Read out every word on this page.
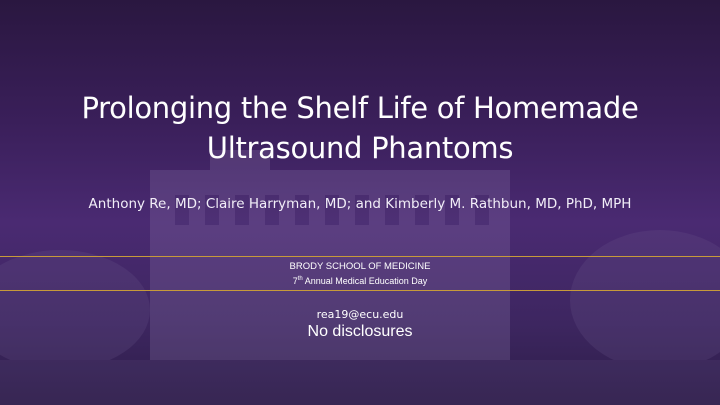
Prolonging the Shelf Life of Homemade
Ultrasound Phantoms
Anthony Re, MD; Claire Harryman, MD; and Kimberly M. Rathbun, MD, PhD, MPH
BRODY SCHOOL OF MEDICINE
7th Annual Medical Education Day
rea19@ecu.edu
No disclosures
